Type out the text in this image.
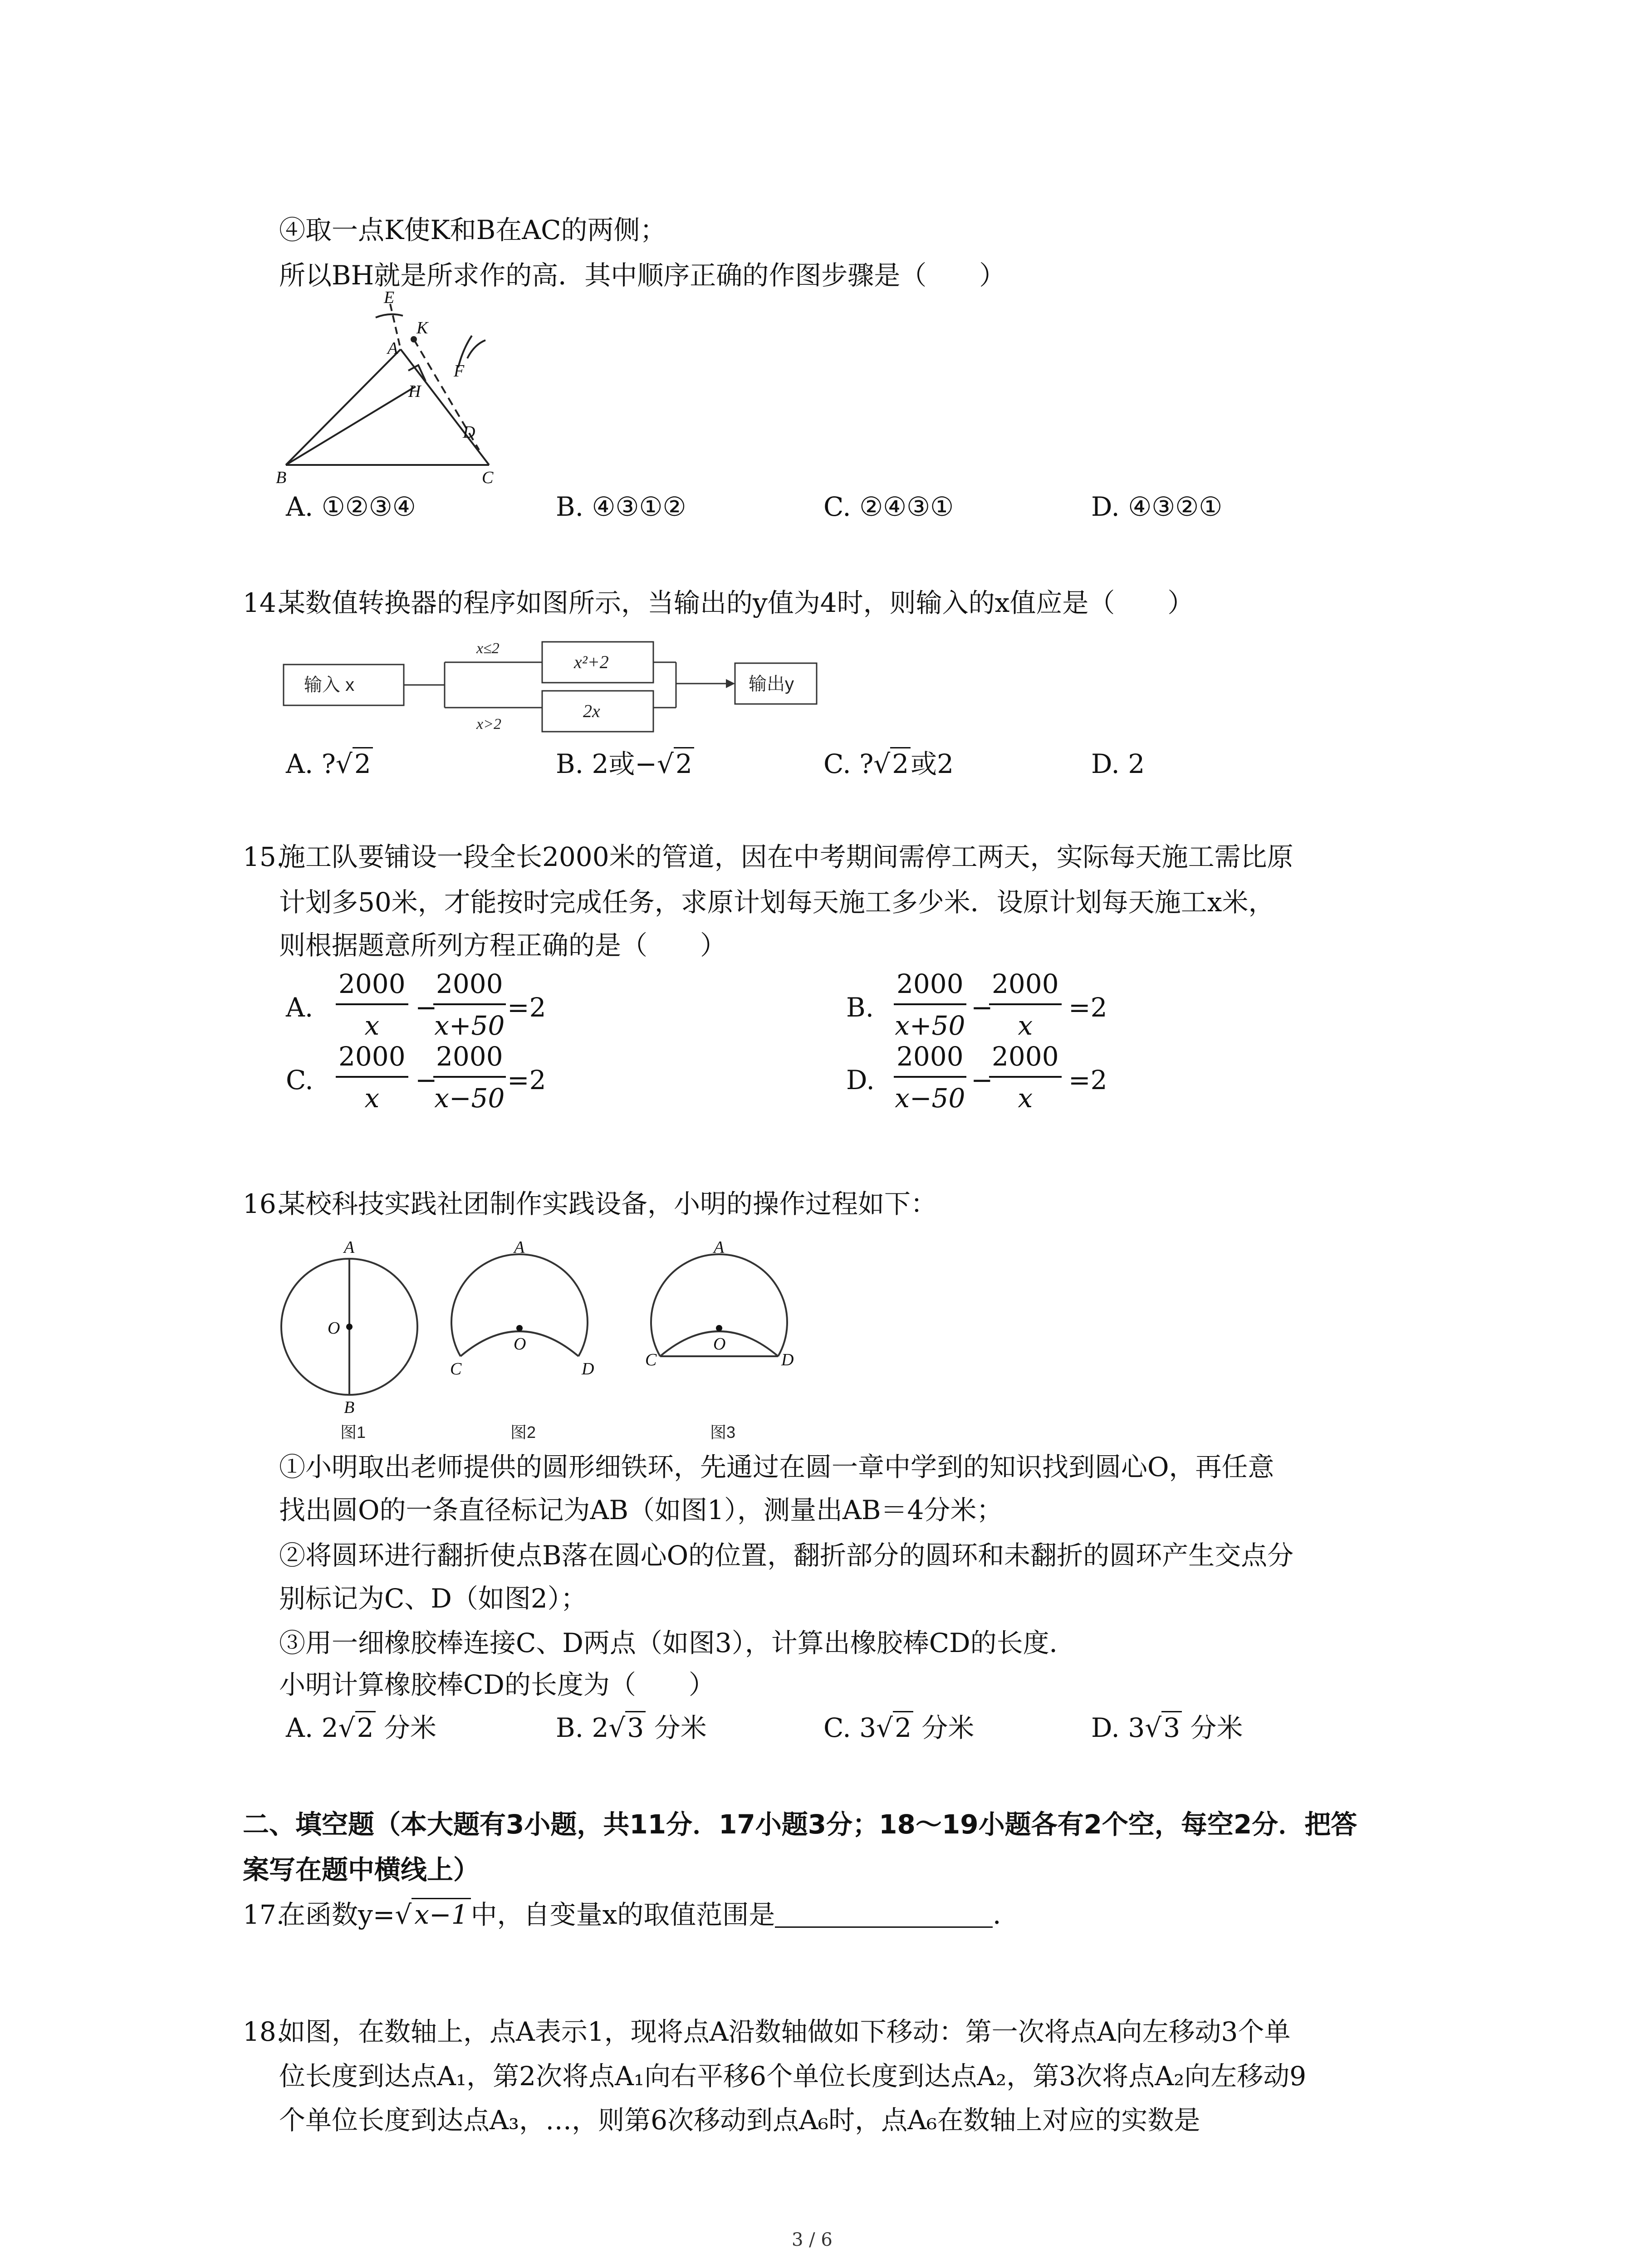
④取一点K使K和B在AC的两侧；
所以BH就是所求作的高．其中顺序正确的作图步骤是（　　）
E
K
A
H
F
D
B	C
A. ①②③④	B. ④③①②	C. ②④③①	D. ④③②①
14.
某数值转换器的程序如图所示，当输出的y值为4时，则输入的x值应是（　　）
输入 x
x≤2
x>2
x²+2
2x
输出y
A. ?√2	B. 2或−√2	C. ?√2或2	D. 2
15.
施工队要铺设一段全长2000米的管道，因在中考期间需停工两天，实际每天施工需比原
计划多50米，才能按时完成任务，求原计划每天施工多少米．设原计划每天施工x米，
则根据题意所列方程正确的是（　　）
A. $\frac{2000}{x}$ −
$\frac{2000}{x+50} =2$	B. $\frac{2000}{x+50}$ −
$\frac{2000}{x} =2$
C. $\frac{2000}{x}$ −
$\frac{2000}{x-50} =2$	D. $\frac{2000}{x-50}$ −
$\frac{2000}{x} =2$
16.
某校科技实践社团制作实践设备，小明的操作过程如下：
A
O
B
A
O
C	D
A
O
C	D
图1	图2	图3
①小明取出老师提供的圆形细铁环，先通过在圆一章中学到的知识找到圆心O，再任意
找出圆O的一条直径标记为AB（如图1），测量出AB＝4分米；
②将圆环进行翻折使点B落在圆心O的位置，翻折部分的圆环和未翻折的圆环产生交点分
别标记为C、D（如图2）；
③用一细橡胶棒连接C、D两点（如图3），计算出橡胶棒CD的长度．
小明计算橡胶棒CD的长度为（　　）
A. 2√2 分米	B. 2√3 分米	C. 3√2 分米	D. 3√3 分米
二、填空题（本大题有3小题，共11分．17小题3分；18～19小题各有2个空，每空2分．把答
案写在题中横线上）
17.
在函数y=√ x−1 中，自变量x的取值范围是	．
18.
如图，在数轴上，点A表示1，现将点A沿数轴做如下移动：第一次将点A向左移动3个单
位长度到达点A₁，第2次将点A₁向右平移6个单位长度到达点A₂，第3次将点A₂向左移动9
个单位长度到达点A₃，…，则第6次移动到点A₆时，点A₆在数轴上对应的实数是
3 / 6
